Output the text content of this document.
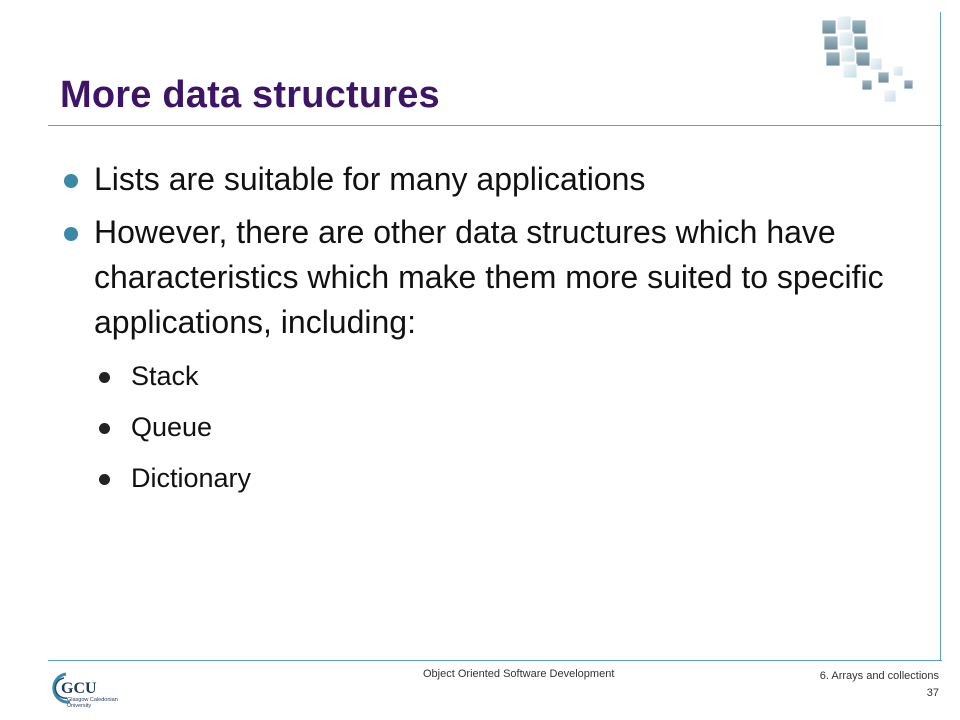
More data structures
Lists are suitable for many applications
However, there are other data structures which have characteristics which make them more suited to specific applications, including:
Stack
Queue
Dictionary
GCU
Glasgow Caledonian
University
Object Oriented Software Development	6. Arrays and collections
37
